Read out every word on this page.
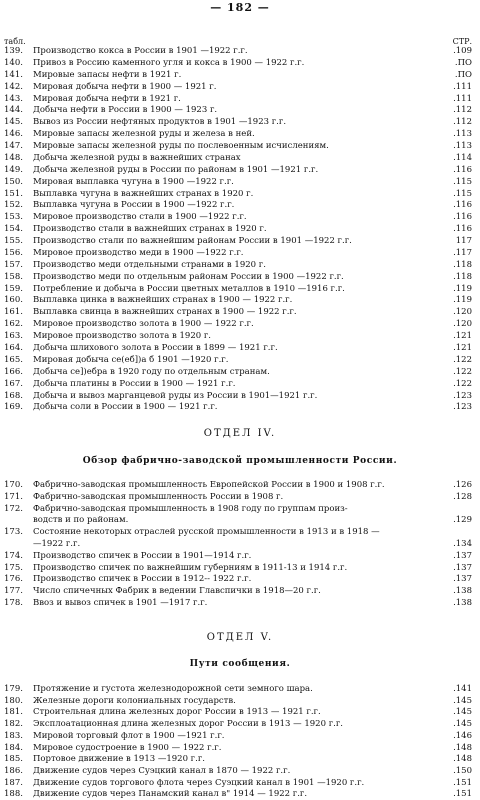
— 182 —
табл.	СТР.
139.	Производство кокса в России в 1901 —1922 г.г.	.109
140.	Привоз в Россию каменного угля и кокса в 1900 — 1922 г.г.	.ПО
141.	Мировые запасы нефти в 1921 г.	.ПО
142.	Мировая добыча нефти в 1900 — 1921 г.	.111
143.	Мировая добыча нефти в 1921 г.	.111
144.	Добыча нефти в России в 1900 — 1923 г.	.112
145.	Вывоз из России нефтяных продуктов в 1901 —1923 г.г.	.112
146.	Мировые запасы железной руды и железа в ней.	.113
147.	Мировые запасы железной руды по послевоенным исчислениям.	.113
148.	Добыча железной руды в важнейших странах	.114
149.	Добыча железной руды в России по районам в 1901 —1921 г.г.	.116
150.	Мировая выплавка чугуна в 1900 —1922 г.г.	.115
151.	Выплавка чугуна в важнейших странах в 1920 г.	.115
152.	Выплавка чугуна в России в 1900 —1922 г.г.	.116
153.	Мировое производство стали в 1900 —1922 г.г.	.116
154.	Производство стали в важнейших странах в 1920 г.	.116
155.	Производство стали по важнейшим районам России в 1901 —1922 г.г.	117
156.	Мировое производство меди в 1900 —1922 г.г.	.117
157.	Производство меди отдельными странами в 1920 г.	.118
158.	Производство меди по отдельным районам России в 1900 —1922 г.г.	.118
159.	Потребление и добыча в России цветных металлов в 1910 —1916 г.г.	.119
160.	Выплавка цинка в важнейших странах в 1900 — 1922 г.г.	.119
161.	Выплавка свинца в важнейших странах в 1900 — 1922 г.г.	.120
162.	Мировое производство золота в 1900 — 1922 г.г.	.120
163.	Мировое производство золота в 1920 г.	.121
164.	Добыча шлихового золота в России в 1899 — 1921 г.г.	.121
165.	Мировая добыча се(еб])а б 1901 —1920 г.г.	.122
166.	Добыча се])ебра в 1920 году по отдельным странам.	.122
167.	Добыча платины в России в 1900 — 1921 г.г.	.122
168.	Добыча и вывоз марганцевой руды из России в 1901—1921 г.г.	.123
169.	Добыча соли в России в 1900 — 1921 г.г.	.123
ОТДЕЛ IV.
Обзор фабрично-заводской промышленности России.
170.	Фабрично-заводская промышленность Европейской России в 1900 и 1908 г.г.	.126
171.	Фабрично-заводская промышленность России в 1908 г.	.128
172.	Фабрично-заводская промышленность в 1908 году по группам произ-
водств и по районам.	.129
173.	Состояние некоторых отраслей русской промышленности в 1913 и в 1918 —
—1922 г.г.	.134
174.	Производство спичек в России в 1901—1914 г.г.	.137
175.	Производство спичек по важнейшим губерниям в 1911-13 и 1914 г.г.	.137
176.	Производство спичек в России в 1912-- 1922 г.г.	.137
177.	Число спичечных Фабрик в ведении Главспички в 1918—20 г.г.	.138
178.	Ввоз и вывоз спичек в 1901 —1917 г.г.	.138
ОТДЕЛ V.
Пути сообщения.
179.	Протяжение и густота железнодорожной сети земного шара.	.141
180.	Железные дороги колониальных государств.	.145
181.	Строительная длина железных дорог России в 1913 — 1921 г.г.	.145
182.	Эксплоатационная длина железных дорог России в 1913 — 1920 г.г.	.145
183.	Мировой торговый флот в 1900 —1921 г.г.	.146
184.	Мировое судостроение в 1900 — 1922 г.г.	.148
185.	Портовое движение в 1913 —1920 г.г.	.148
186.	Движение судов через Суэцкий канал в 1870 — 1922 г.г.	.150
187.	Движение судов торгового флота через Суэцкий канал в 1901 —1920 г.г.	.151
188.	Движение судов через Панамский канал в" 1914 — 1922 г.г.	.151
